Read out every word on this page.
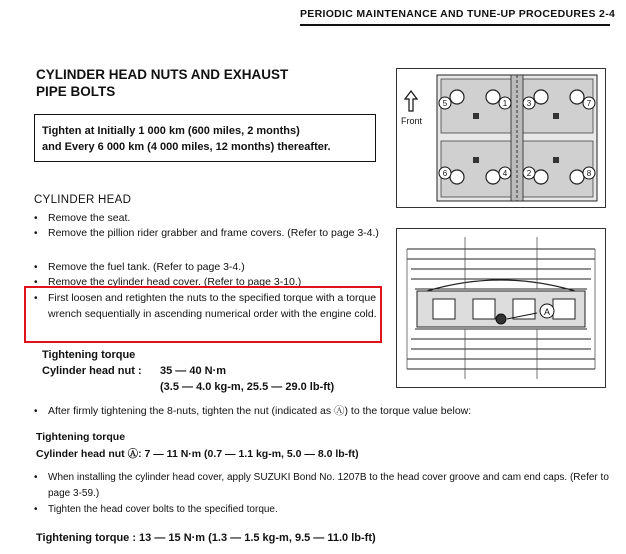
PERIODIC MAINTENANCE AND TUNE-UP PROCEDURES 2-4
CYLINDER HEAD NUTS AND EXHAUST
PIPE BOLTS
Tighten at Initially 1 000 km (600 miles, 2 months)
and Every 6 000 km (4 000 miles, 12 months) thereafter.
CYLINDER HEAD
• Remove the seat.
• Remove the pillion rider grabber and frame covers. (Refer to page 3-4.)
• Remove the fuel tank. (Refer to page 3-4.)
• Remove the cylinder head cover. (Refer to page 3-10.)
• First loosen and retighten the nuts to the specified torque with a torque wrench sequentially in ascending numerical order with the engine cold.
Tightening torque
Cylinder head nut : 35 — 40 N·m
(3.5 — 4.0 kg-m, 25.5 — 29.0 lb-ft)
• After firmly tightening the 8-nuts, tighten the nut (indicated as Ⓐ) to the torque value below:
Tightening torque
Cylinder head nut Ⓐ: 7 — 11 N·m (0.7 — 1.1 kg-m, 5.0 — 8.0 lb-ft)
• When installing the cylinder head cover, apply SUZUKI Bond No. 1207B to the head cover groove and cam end caps. (Refer to page 3-59.)
• Tighten the head cover bolts to the specified torque.
Tightening torque : 13 — 15 N·m (1.3 — 1.5 kg-m, 9.5 — 11.0 lb-ft)
Front
5	1 3	7
6	4 2	8
A
